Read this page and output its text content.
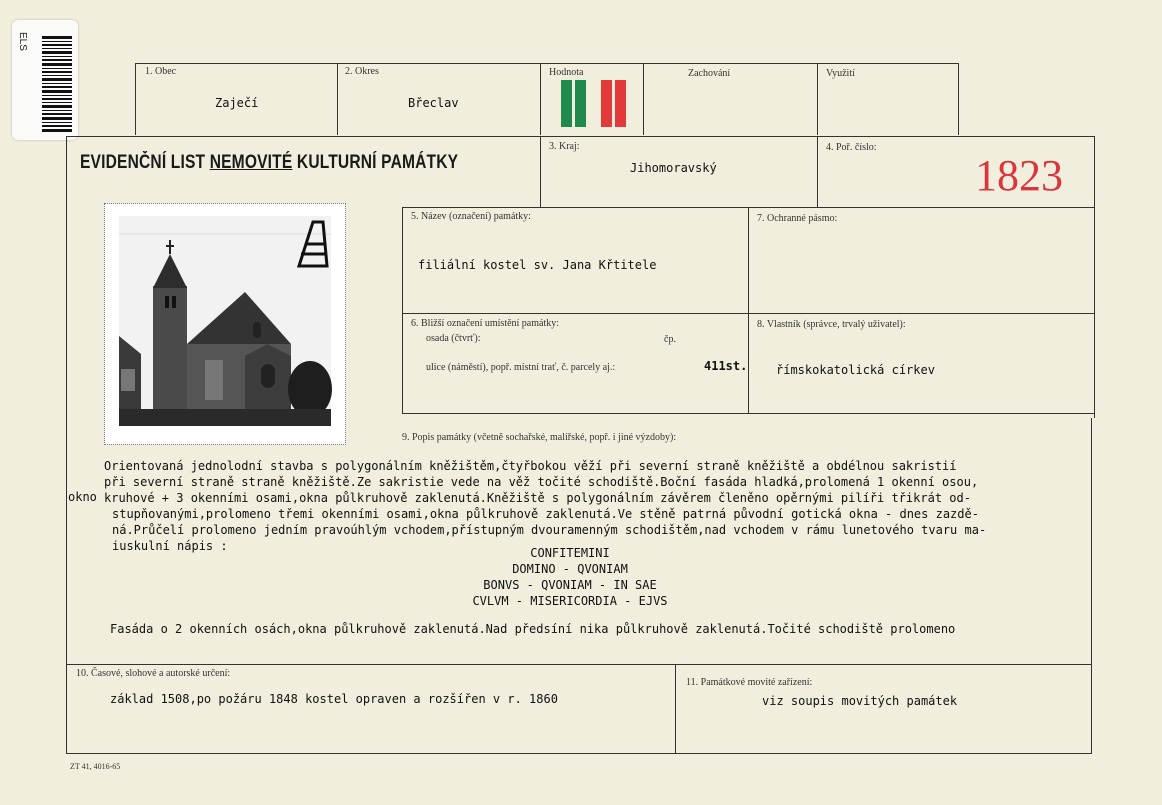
ELS
1. Obec
Zaječí
2. Okres
Břeclav
Hodnota	Zachování	Využití
EVIDENČNÍ LIST NEMOVITÉ KULTURNÍ PAMÁTKY
3. Kraj:
Jihomoravský
4. Poř. číslo:
1823
5. Název (označení) památky:
filiální kostel sv. Jana Křtitele
7. Ochranné pásmo:
6. Bližší označení umístění památky:
osada (čtvrť):	čp.
ulice (náměstí), popř. místní trať, č. parcely aj.:	411st.
8. Vlastník (správce, trvalý uživatel):
římskokatolická církev
9. Popis památky (včetně sochařské, malířské, popř. i jiné výzdoby):
Orientovaná jednolodní stavba s polygonálním kněžištěm,čtyřbokou věží při severní straně kněžiště a obdélnou sakristií
při severní straně straně kněžiště.Ze sakristie vede na věž točité schodiště.Boční fasáda hladká,prolomená 1 okenní osou,
okno kruhové + 3 okenními osami,okna půlkruhově zaklenutá.Kněžiště s polygonálním závěrem členěno opěrnými pilíři třikrát od-
stupňovanými,prolomeno třemi okenními osami,okna půlkruhově zaklenutá.Ve stěně patrná původní gotická okna - dnes zazdě-
ná.Průčelí prolomeno jedním pravoúhlým vchodem,přístupným dvouramenným schodištěm,nad vchodem v rámu lunetového tvaru ma-
iuskulní nápis :	CONFITEMINI
DOMINO - QVONIAM
BONVS - QVONIAM - IN SAE
CVLVM - MISERICORDIA - EJVS
Fasáda o 2 okenních osách,okna půlkruhově zaklenutá.Nad předsíní nika půlkruhově zaklenutá.Točité schodiště prolomeno
10. Časové, slohové a autorské určení:
základ 1508,po požáru 1848 kostel opraven a rozšířen v r. 1860
11. Památkové movité zařízení:
viz soupis movitých památek
ZT 41, 4016-65
